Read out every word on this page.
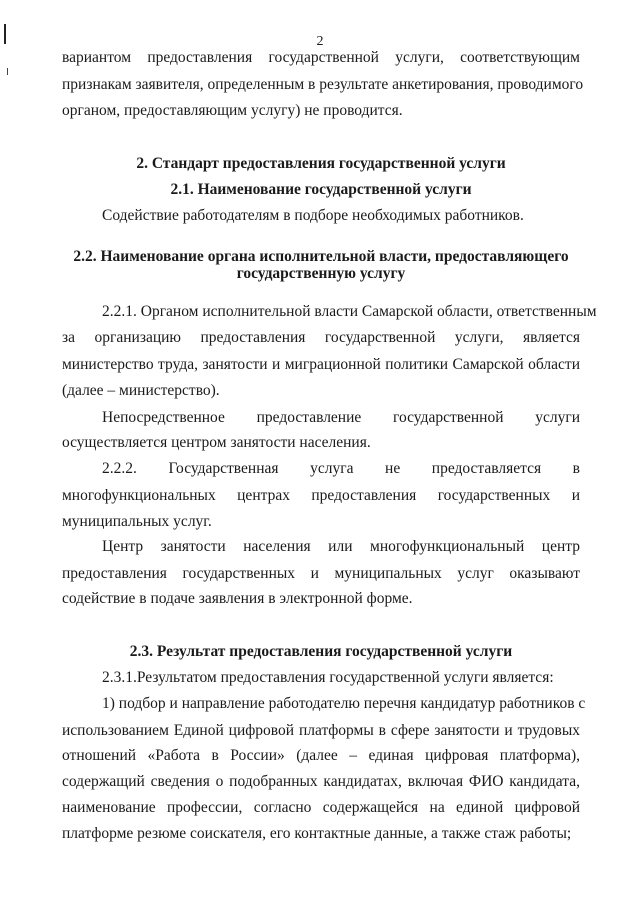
2
вариантом предоставления государственной услуги, соответствующим
признакам заявителя, определенным в результате анкетирования, проводимого
органом, предоставляющим услугу) не проводится.
2. Стандарт предоставления государственной услуги
2.1. Наименование государственной услуги
Содействие работодателям в подборе необходимых работников.
2.2. Наименование органа исполнительной власти, предоставляющего
государственную услугу
2.2.1. Органом исполнительной власти Самарской области, ответственным
за организацию предоставления государственной услуги, является
министерство труда, занятости и миграционной политики Самарской области
(далее – министерство).
Непосредственное предоставление государственной услуги
осуществляется центром занятости населения.
2.2.2. Государственная услуга не предоставляется в
многофункциональных центрах предоставления государственных и
муниципальных услуг.
Центр занятости населения или многофункциональный центр
предоставления государственных и муниципальных услуг оказывают
содействие в подаче заявления в электронной форме.
2.3. Результат предоставления государственной услуги
2.3.1.Результатом предоставления государственной услуги является:
1) подбор и направление работодателю перечня кандидатур работников с
использованием Единой цифровой платформы в сфере занятости и трудовых
отношений «Работа в России» (далее – единая цифровая платформа),
содержащий сведения о подобранных кандидатах, включая ФИО кандидата,
наименование профессии, согласно содержащейся на единой цифровой
платформе резюме соискателя, его контактные данные, а также стаж работы;
